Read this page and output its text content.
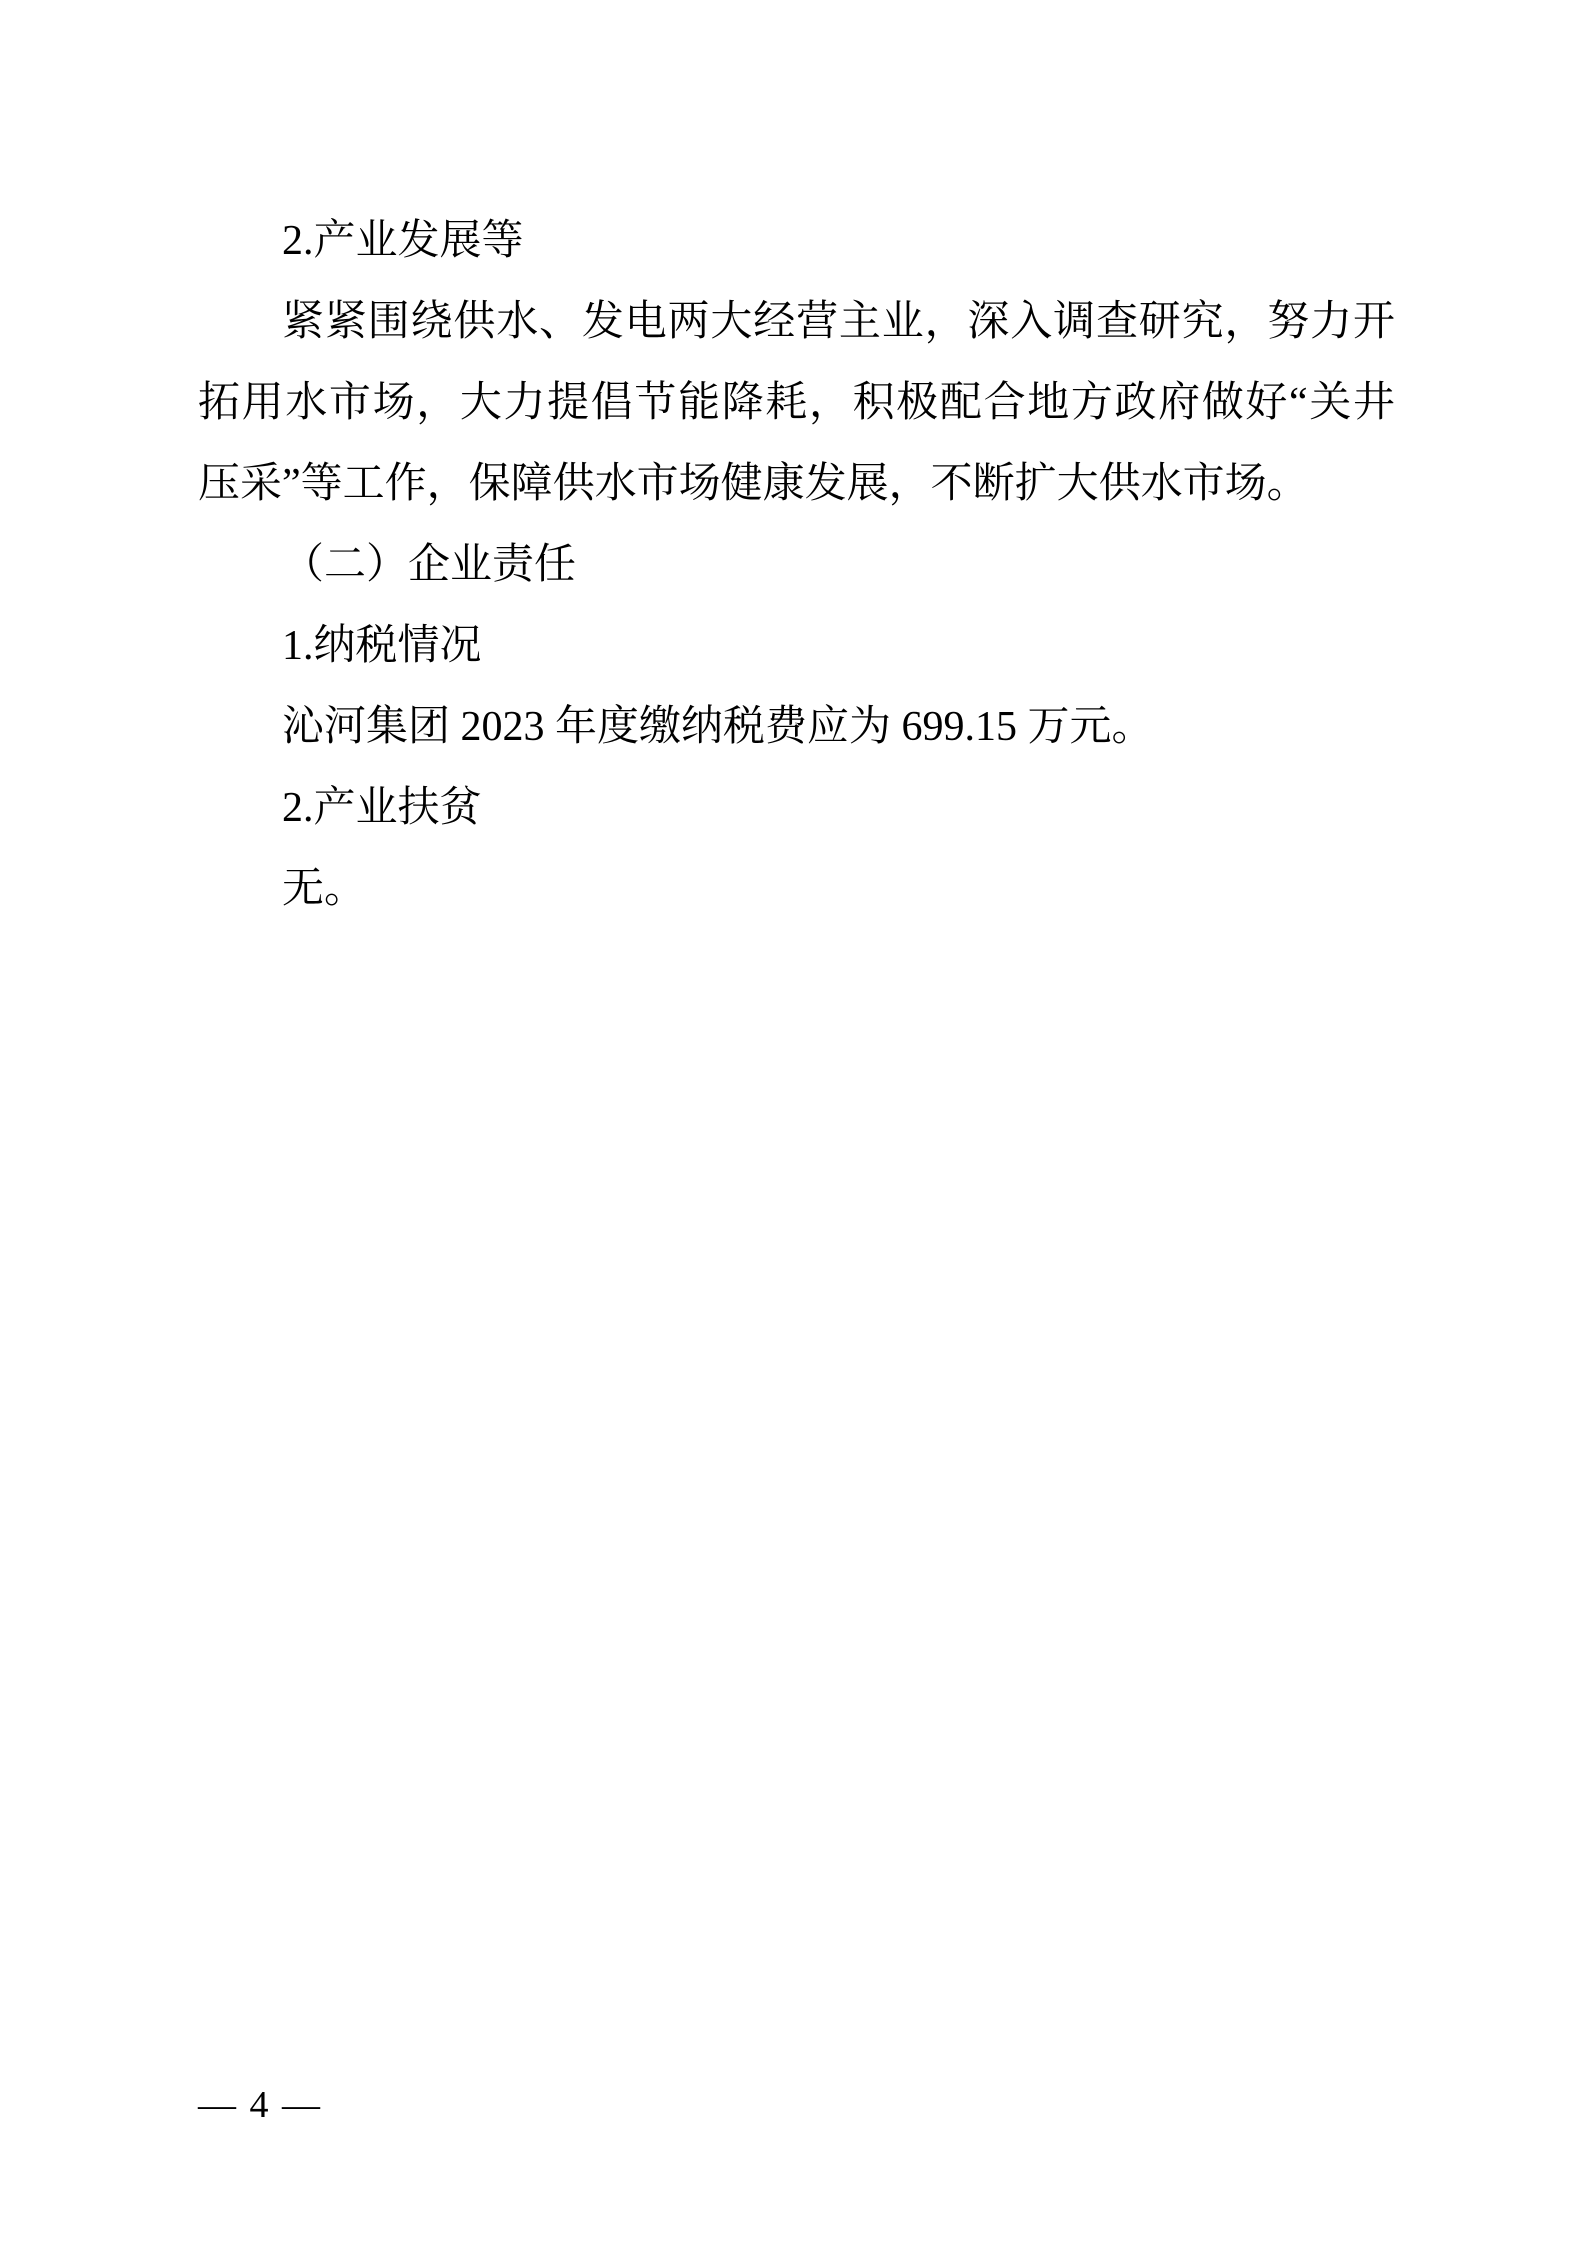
2.产业发展等
紧紧围绕供水、发电两大经营主业，深入调查研究，努力开
拓用水市场，大力提倡节能降耗，积极配合地方政府做好“关井
压采”等工作，保障供水市场健康发展，不断扩大供水市场。
（二）企业责任
1.纳税情况
沁河集团 2023 年度缴纳税费应为 699.15 万元。
2.产业扶贫
无。
— 4 —
